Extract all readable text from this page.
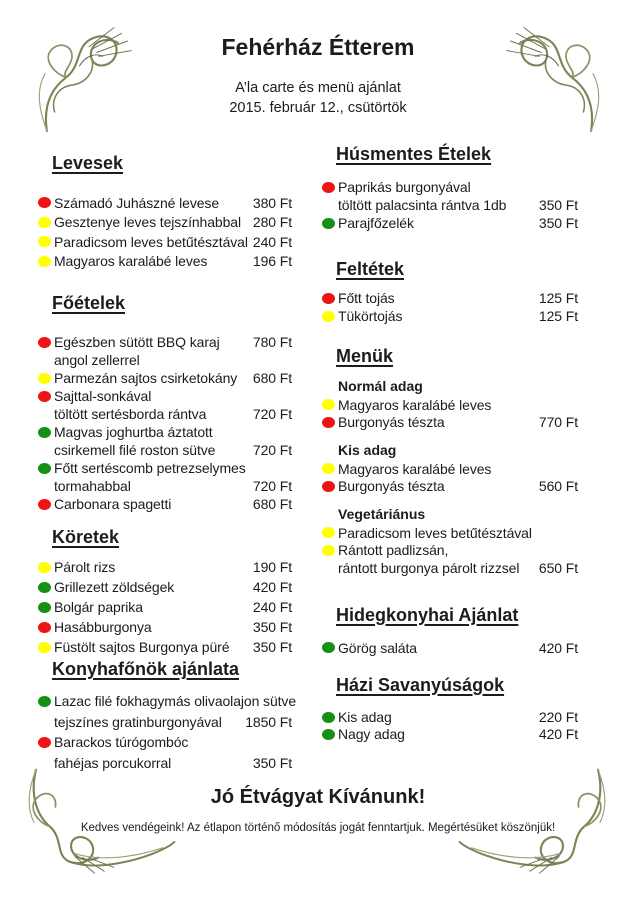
Fehérház Étterem
A’la carte és menü ajánlat
2015. február 12., csütörtök
Levesek
Számadó Juhászné levese	380 Ft
Gesztenye leves tejszínhabbal 280 Ft
Paradicsom leves betűtésztával 240 Ft
Magyaros karalábé leves	196 Ft
Főételek
Egészben sütött BBQ karaj	780 Ft
angol zellerrel
Parmezán sajtos csirketokány	680 Ft
Sajttal-sonkával
töltött sertésborda rántva	720 Ft
Magvas joghurtba áztatott
csirkemell filé roston sütve	720 Ft
Főtt sertéscomb petrezselymes
tormahabbal	720 Ft
Carbonara spagetti	680 Ft
Köretek
Párolt rizs	190 Ft
Grillezett zöldségek	420 Ft
Bolgár paprika	240 Ft
Hasábburgonya	350 Ft
Füstölt sajtos Burgonya püré	350 Ft
Konyhafőnök ajánlata
Lazac filé fokhagymás olivaolajon sütve
tejszínes gratinburgonyával	1850 Ft
Barackos túrógombóc
fahéjas porcukorral	350 Ft
Húsmentes Ételek
Paprikás burgonyával
töltött palacsinta rántva 1db	350 Ft
Parajfőzelék	350 Ft
Feltétek
Főtt tojás	125 Ft
Tükörtojás	125 Ft
Menük
Normál adag
Magyaros karalábé leves
Burgonyás tészta	770 Ft
Kis adag
Magyaros karalábé leves
Burgonyás tészta	560 Ft
Vegetáriánus
Paradicsom leves betűtésztával
Rántott padlizsán,
rántott burgonya párolt rizzsel	650 Ft
Hidegkonyhai Ajánlat
Görög saláta	420 Ft
Házi Savanyúságok
Kis adag	220 Ft
Nagy adag	420 Ft
Jó Étvágyat Kívánunk!
Kedves vendégeink! Az étlapon történő módosítás jogát fenntartjuk. Megértésüket köszönjük!
